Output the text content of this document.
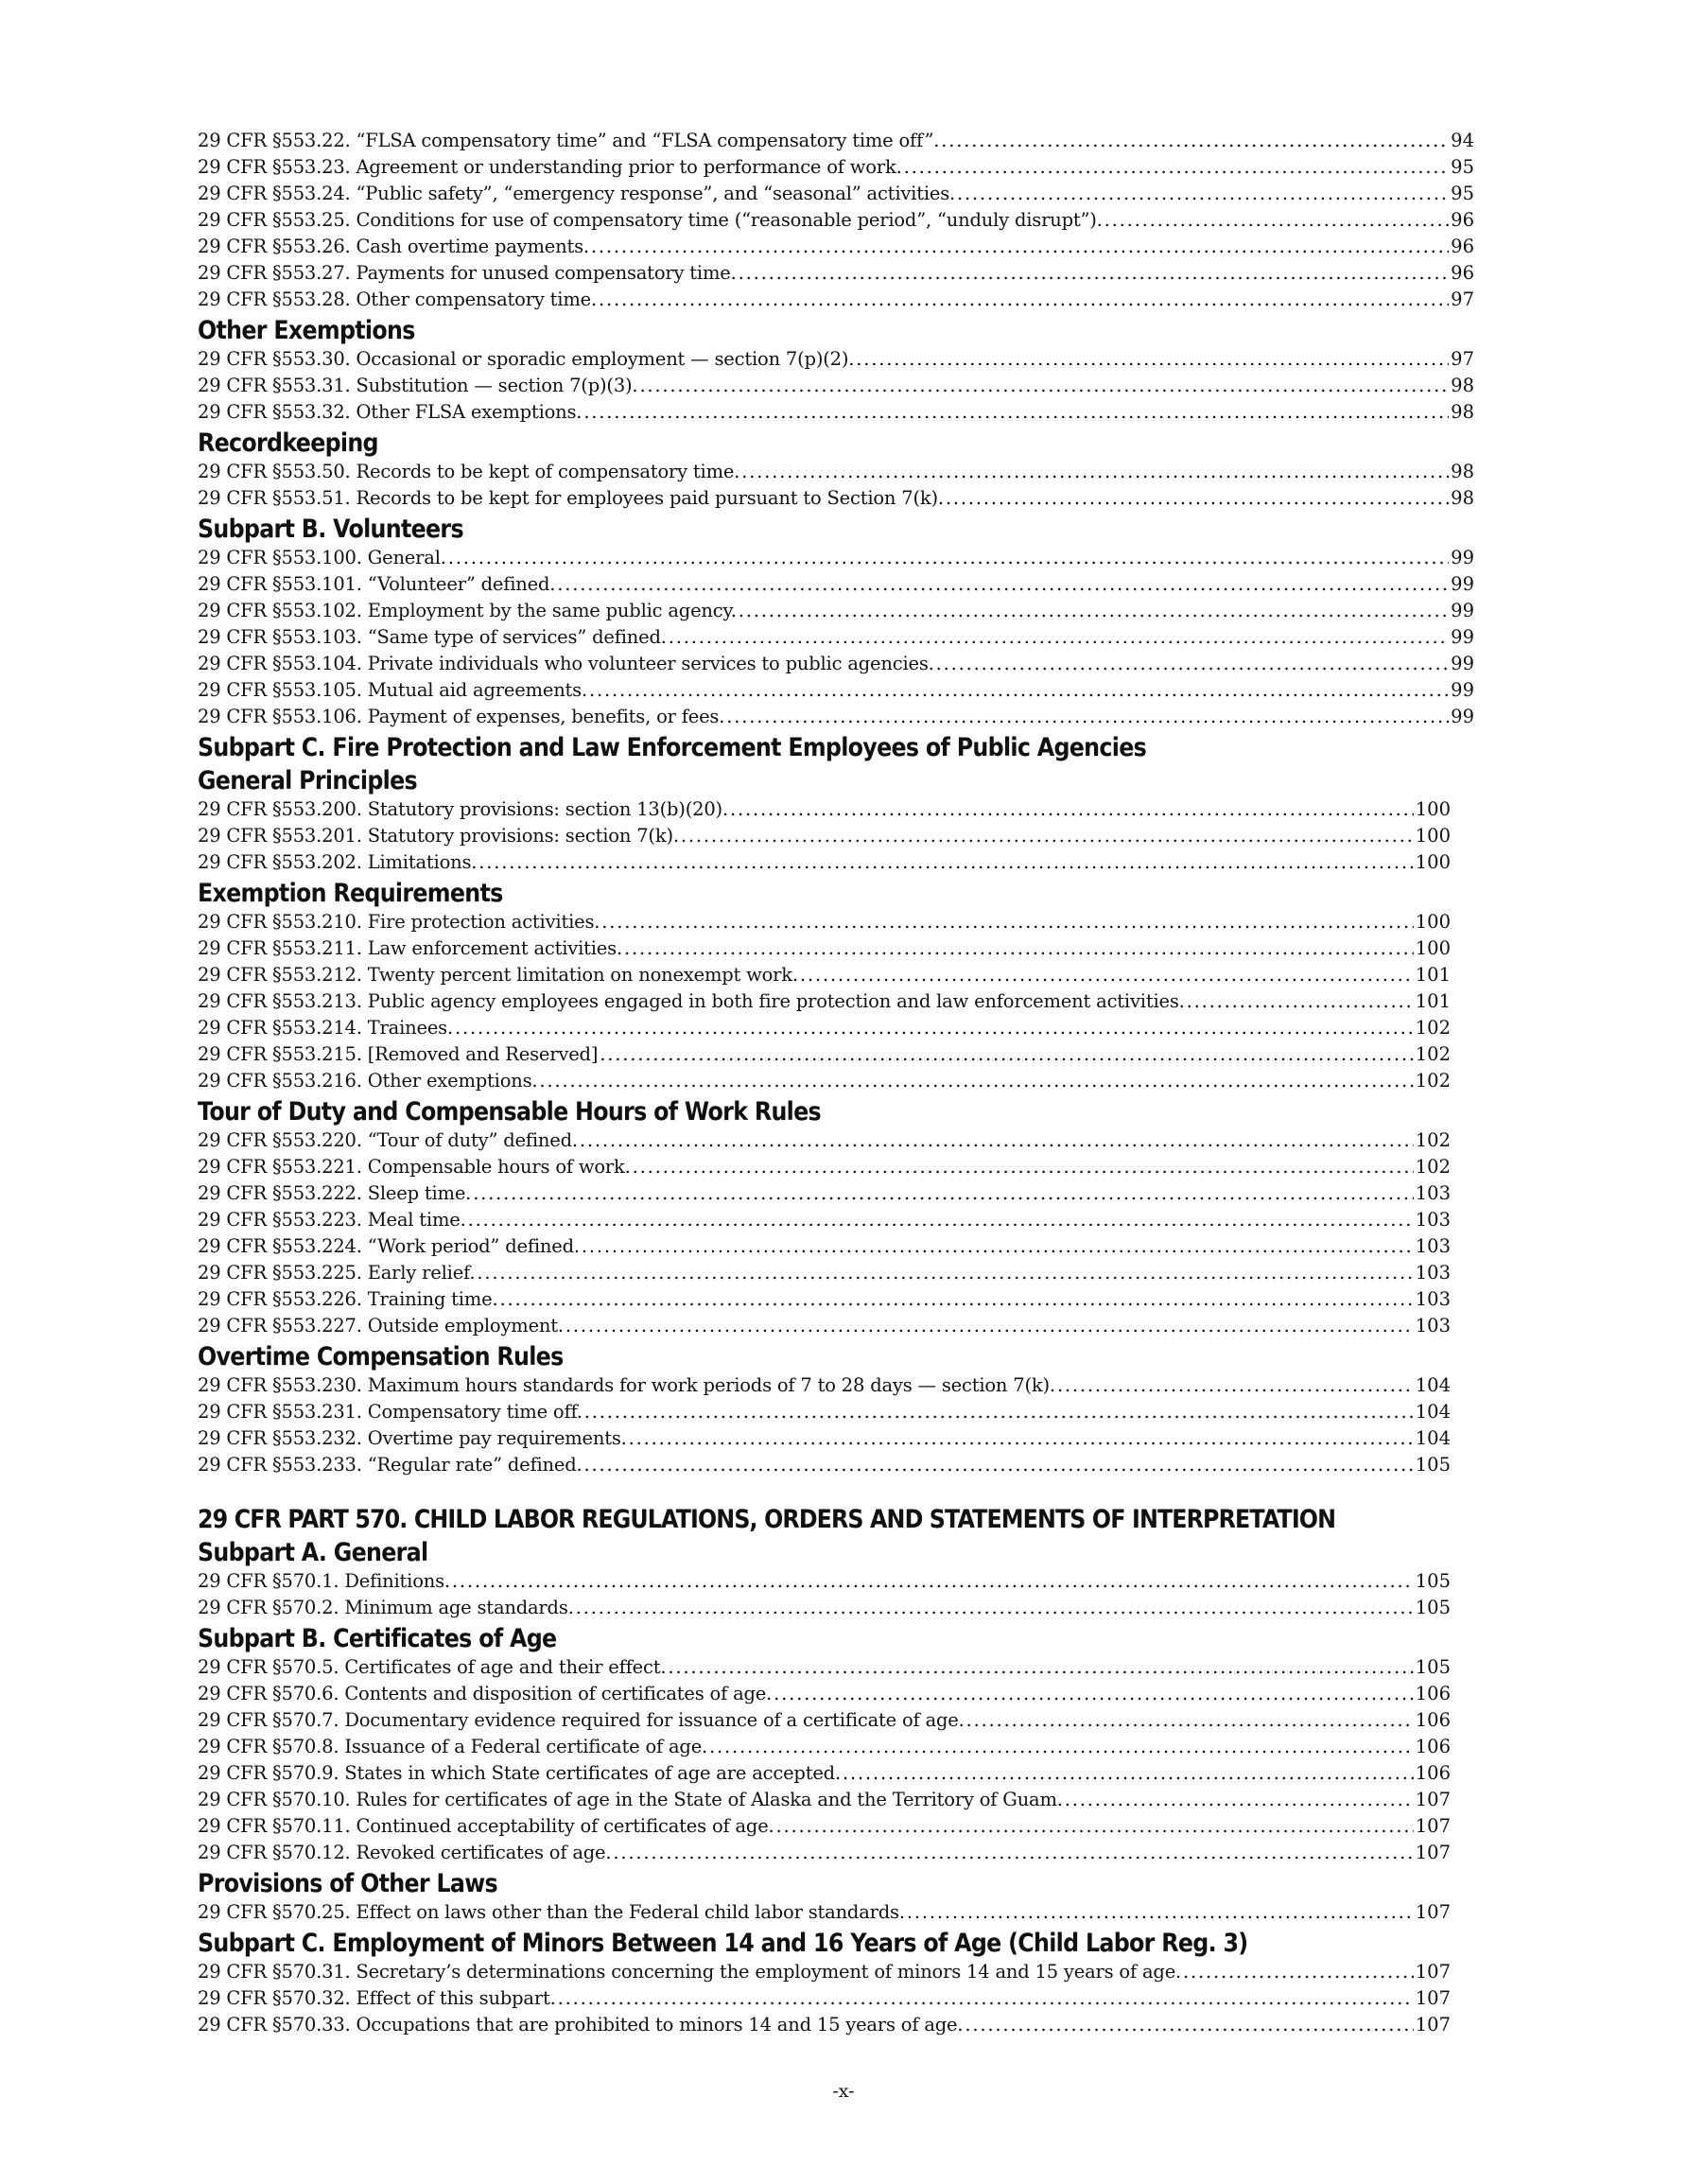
29 CFR §553.22. “FLSA compensatory time” and “FLSA compensatory time off”. . . .	94
29 CFR §553.23. Agreement or understanding prior to performance of work. . . .	95
29 CFR §553.24. “Public safety”, “emergency response”, and “seasonal” activities. . . .	95
29 CFR §553.25. Conditions for use of compensatory time (“reasonable period”, “unduly disrupt”). . . .	96
29 CFR §553.26. Cash overtime payments. . . .	96
29 CFR §553.27. Payments for unused compensatory time. . . .	96
29 CFR §553.28. Other compensatory time. . . .	97
Other Exemptions
29 CFR §553.30. Occasional or sporadic employment — section 7(p)(2). . . .	97
29 CFR §553.31. Substitution — section 7(p)(3). . . .	98
29 CFR §553.32. Other FLSA exemptions. . . .	98
Recordkeeping
29 CFR §553.50. Records to be kept of compensatory time. . . .	98
29 CFR §553.51. Records to be kept for employees paid pursuant to Section 7(k). . . .	98
Subpart B. Volunteers
29 CFR §553.100. General. . . .	99
29 CFR §553.101. “Volunteer” defined. . . .	99
29 CFR §553.102. Employment by the same public agency. . . .	99
29 CFR §553.103. “Same type of services” defined. . . .	99
29 CFR §553.104. Private individuals who volunteer services to public agencies. . . .	99
29 CFR §553.105. Mutual aid agreements. . . .	99
29 CFR §553.106. Payment of expenses, benefits, or fees. . . .	99
Subpart C. Fire Protection and Law Enforcement Employees of Public Agencies
General Principles
29 CFR §553.200. Statutory provisions: section 13(b)(20). . . .	100
29 CFR §553.201. Statutory provisions: section 7(k). . . .	100
29 CFR §553.202. Limitations. . . .	100
Exemption Requirements
29 CFR §553.210. Fire protection activities. . . .	100
29 CFR §553.211. Law enforcement activities. . . .	100
29 CFR §553.212. Twenty percent limitation on nonexempt work. . . .	101
29 CFR §553.213. Public agency employees engaged in both fire protection and law enforcement activities. . . .	101
29 CFR §553.214. Trainees. . . .	102
29 CFR §553.215. [Removed and Reserved] . . .	102
29 CFR §553.216. Other exemptions. . . .	102
Tour of Duty and Compensable Hours of Work Rules
29 CFR §553.220. “Tour of duty” defined. . . .	102
29 CFR §553.221. Compensable hours of work. . . .	102
29 CFR §553.222. Sleep time. . . .	103
29 CFR §553.223. Meal time. . . .	103
29 CFR §553.224. “Work period” defined. . . .	103
29 CFR §553.225. Early relief. . . .	103
29 CFR §553.226. Training time. . . .	103
29 CFR §553.227. Outside employment. . . .	103
Overtime Compensation Rules
29 CFR §553.230. Maximum hours standards for work periods of 7 to 28 days — section 7(k). . . .	104
29 CFR §553.231. Compensatory time off. . . .	104
29 CFR §553.232. Overtime pay requirements. . . .	104
29 CFR §553.233. “Regular rate” defined. . . .	105
29 CFR PART 570. CHILD LABOR REGULATIONS, ORDERS AND STATEMENTS OF INTERPRETATION
Subpart A. General
29 CFR §570.1. Definitions. . . .	105
29 CFR §570.2. Minimum age standards. . . .	105
Subpart B. Certificates of Age
29 CFR §570.5. Certificates of age and their effect. . . .	105
29 CFR §570.6. Contents and disposition of certificates of age. . . .	106
29 CFR §570.7. Documentary evidence required for issuance of a certificate of age. . . .	106
29 CFR §570.8. Issuance of a Federal certificate of age. . . .	106
29 CFR §570.9. States in which State certificates of age are accepted. . . .	106
29 CFR §570.10. Rules for certificates of age in the State of Alaska and the Territory of Guam. . . .	107
29 CFR §570.11. Continued acceptability of certificates of age. . . .	107
29 CFR §570.12. Revoked certificates of age. . . .	107
Provisions of Other Laws
29 CFR §570.25. Effect on laws other than the Federal child labor standards. . . .	107
Subpart C. Employment of Minors Between 14 and 16 Years of Age (Child Labor Reg. 3)
29 CFR §570.31. Secretary’s determinations concerning the employment of minors 14 and 15 years of age. . . .	107
29 CFR §570.32. Effect of this subpart. . . .	107
29 CFR §570.33. Occupations that are prohibited to minors 14 and 15 years of age. . . .	107
-x-
